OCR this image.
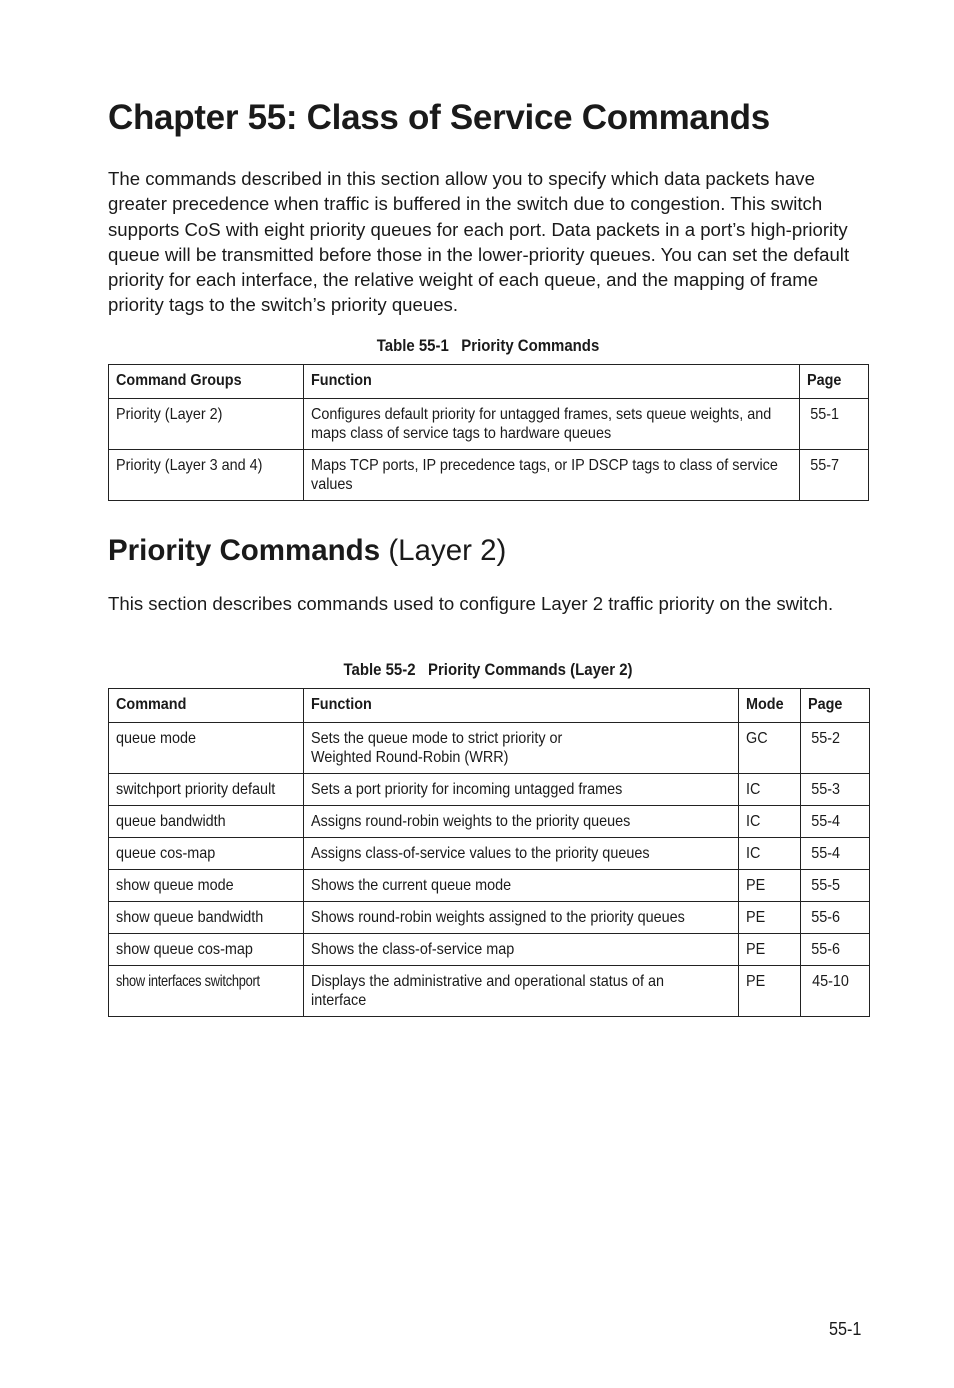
Chapter 55: Class of Service Commands

The commands described in this section allow you to specify which data packets have greater precedence when traffic is buffered in the switch due to congestion. This switch supports CoS with eight priority queues for each port. Data packets in a port’s high-priority queue will be transmitted before those in the lower-priority queues. You can set the default priority for each interface, the relative weight of each queue, and the mapping of frame priority tags to the switch’s priority queues.

Table 55-1   Priority Commands
Command Groups	Function	Page
Priority (Layer 2)	Configures default priority for untagged frames, sets queue weights, and maps class of service tags to hardware queues	55-1
Priority (Layer 3 and 4)	Maps TCP ports, IP precedence tags, or IP DSCP tags to class of service values	55-7
Priority Commands (Layer 2)

This section describes commands used to configure Layer 2 traffic priority on the switch.

Table 55-2   Priority Commands (Layer 2)
Command	Function	Mode	Page
queue mode	Sets the queue mode to strict priority or Weighted Round-Robin (WRR)	GC	55-2
switchport priority default	Sets a port priority for incoming untagged frames	IC	55-3
queue bandwidth	Assigns round-robin weights to the priority queues	IC	55-4
queue cos-map	Assigns class-of-service values to the priority queues	IC	55-4
show queue mode	Shows the current queue mode	PE	55-5
show queue bandwidth	Shows round-robin weights assigned to the priority queues	PE	55-6
show queue cos-map	Shows the class-of-service map	PE	55-6
show interfaces switchport	Displays the administrative and operational status of an interface	PE	45-10
55-1
